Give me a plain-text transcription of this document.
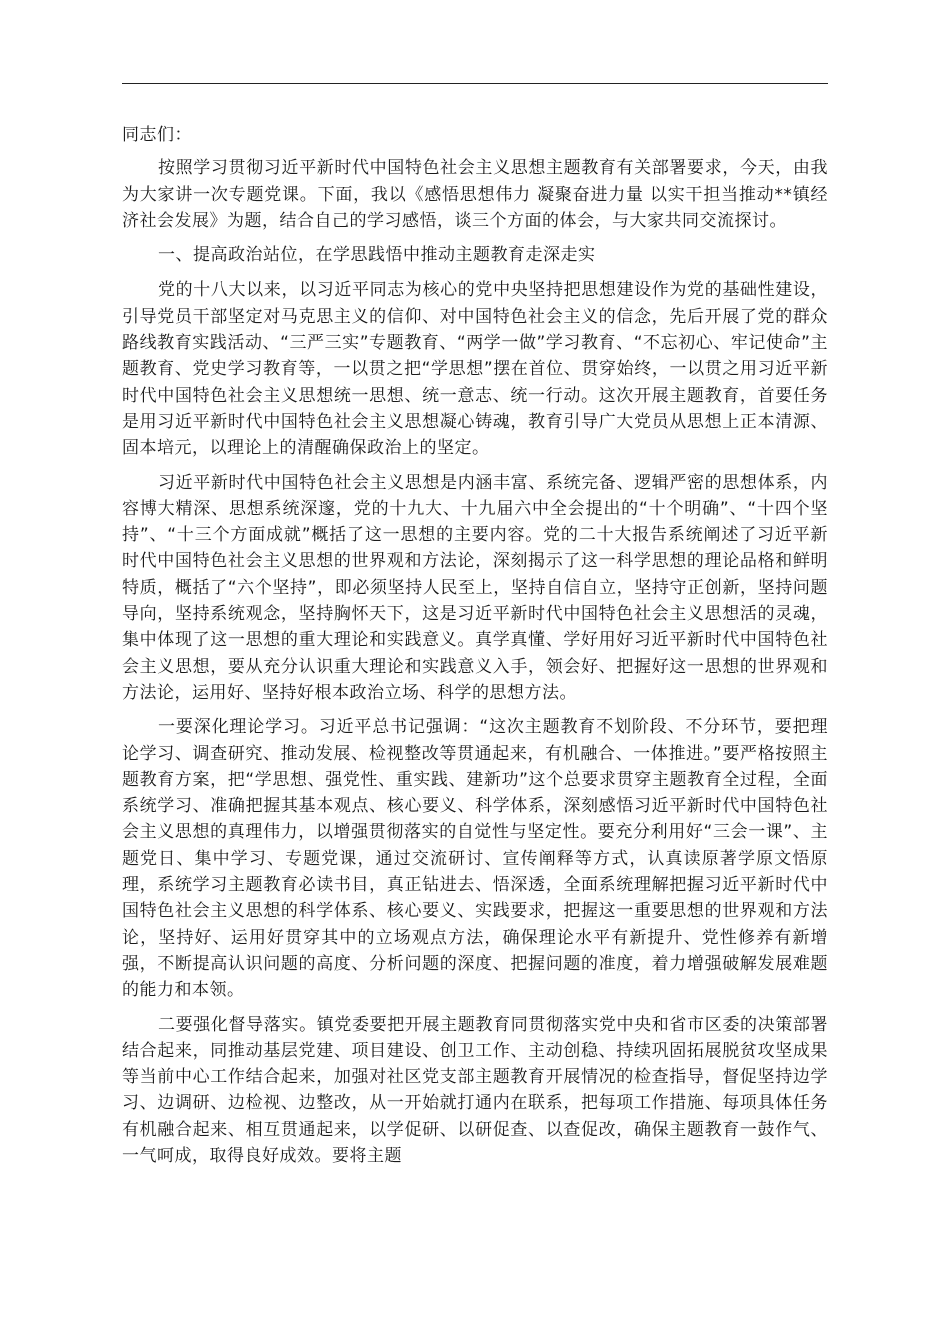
同志们：

按照学习贯彻习近平新时代中国特色社会主义思想主题教育有关部署要求，今天，由我为大家讲一次专题党课。下面，我以《感悟思想伟力 凝聚奋进力量 以实干担当推动**镇经济社会发展》为题，结合自己的学习感悟，谈三个方面的体会，与大家共同交流探讨。

一、提高政治站位，在学思践悟中推动主题教育走深走实

党的十八大以来，以习近平同志为核心的党中央坚持把思想建设作为党的基础性建设，引导党员干部坚定对马克思主义的信仰、对中国特色社会主义的信念，先后开展了党的群众路线教育实践活动、“三严三实”专题教育、“两学一做”学习教育、“不忘初心、牢记使命”主题教育、党史学习教育等，一以贯之把“学思想”摆在首位、贯穿始终，一以贯之用习近平新时代中国特色社会主义思想统一思想、统一意志、统一行动。这次开展主题教育，首要任务是用习近平新时代中国特色社会主义思想凝心铸魂，教育引导广大党员从思想上正本清源、固本培元，以理论上的清醒确保政治上的坚定。

习近平新时代中国特色社会主义思想是内涵丰富、系统完备、逻辑严密的思想体系，内容博大精深、思想系统深邃，党的十九大、十九届六中全会提出的“十个明确”、“十四个坚持”、“十三个方面成就”概括了这一思想的主要内容。党的二十大报告系统阐述了习近平新时代中国特色社会主义思想的世界观和方法论，深刻揭示了这一科学思想的理论品格和鲜明特质，概括了“六个坚持”，即必须坚持人民至上，坚持自信自立，坚持守正创新，坚持问题导向，坚持系统观念，坚持胸怀天下，这是习近平新时代中国特色社会主义思想活的灵魂，集中体现了这一思想的重大理论和实践意义。真学真懂、学好用好习近平新时代中国特色社会主义思想，要从充分认识重大理论和实践意义入手，领会好、把握好这一思想的世界观和方法论，运用好、坚持好根本政治立场、科学的思想方法。

一要深化理论学习。习近平总书记强调：“这次主题教育不划阶段、不分环节，要把理论学习、调查研究、推动发展、检视整改等贯通起来，有机融合、一体推进。”要严格按照主题教育方案，把“学思想、强党性、重实践、建新功”这个总要求贯穿主题教育全过程，全面系统学习、准确把握其基本观点、核心要义、科学体系，深刻感悟习近平新时代中国特色社会主义思想的真理伟力，以增强贯彻落实的自觉性与坚定性。要充分利用好“三会一课”、主题党日、集中学习、专题党课，通过交流研讨、宣传阐释等方式，认真读原著学原文悟原理，系统学习主题教育必读书目，真正钻进去、悟深透，全面系统理解把握习近平新时代中国特色社会主义思想的科学体系、核心要义、实践要求，把握这一重要思想的世界观和方法论，坚持好、运用好贯穿其中的立场观点方法，确保理论水平有新提升、党性修养有新增强，不断提高认识问题的高度、分析问题的深度、把握问题的准度，着力增强破解发展难题的能力和本领。

二要强化督导落实。镇党委要把开展主题教育同贯彻落实党中央和省市区委的决策部署结合起来，同推动基层党建、项目建设、创卫工作、主动创稳、持续巩固拓展脱贫攻坚成果等当前中心工作结合起来，加强对社区党支部主题教育开展情况的检查指导，督促坚持边学习、边调研、边检视、边整改，从一开始就打通内在联系，把每项工作措施、每项具体任务有机融合起来、相互贯通起来，以学促研、以研促查、以查促改，确保主题教育一鼓作气、一气呵成，取得良好成效。要将主题
